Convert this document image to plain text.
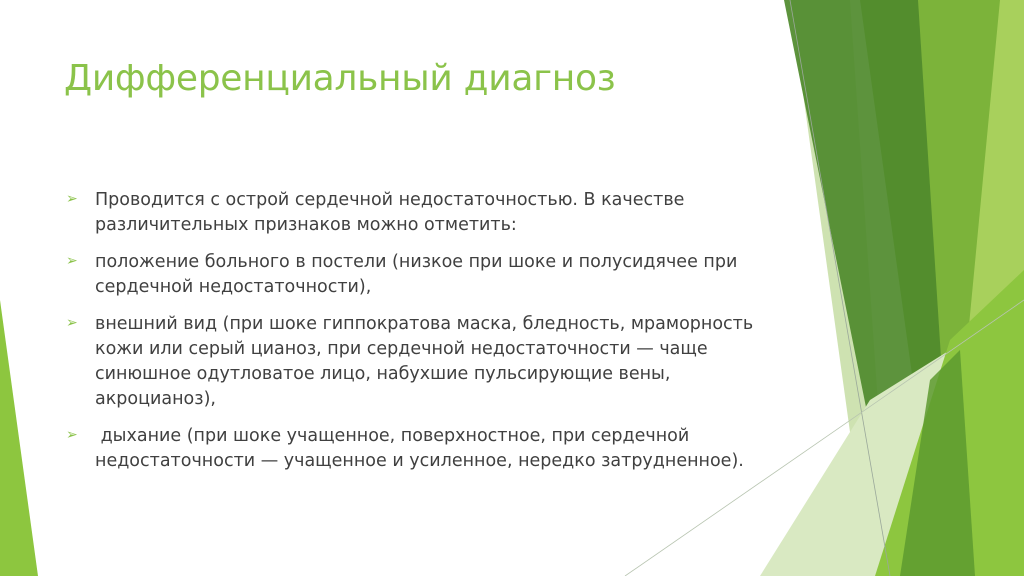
Дифференциальный диагноз
➢ Проводится с острой сердечной недостаточностью. В качестве различительных признаков можно отметить:
➢ положение больного в постели (низкое при шоке и полусидячее при сердечной недостаточности),
➢ внешний вид (при шоке гиппократова маска, бледность, мраморность кожи или серый цианоз, при сердечной недостаточности — чаще синюшное одутловатое лицо, набухшие пульсирующие вены, акроцианоз),
➢ дыхание (при шоке учащенное, поверхностное, при сердечной недостаточности — учащенное и усиленное, нередко затрудненное).
